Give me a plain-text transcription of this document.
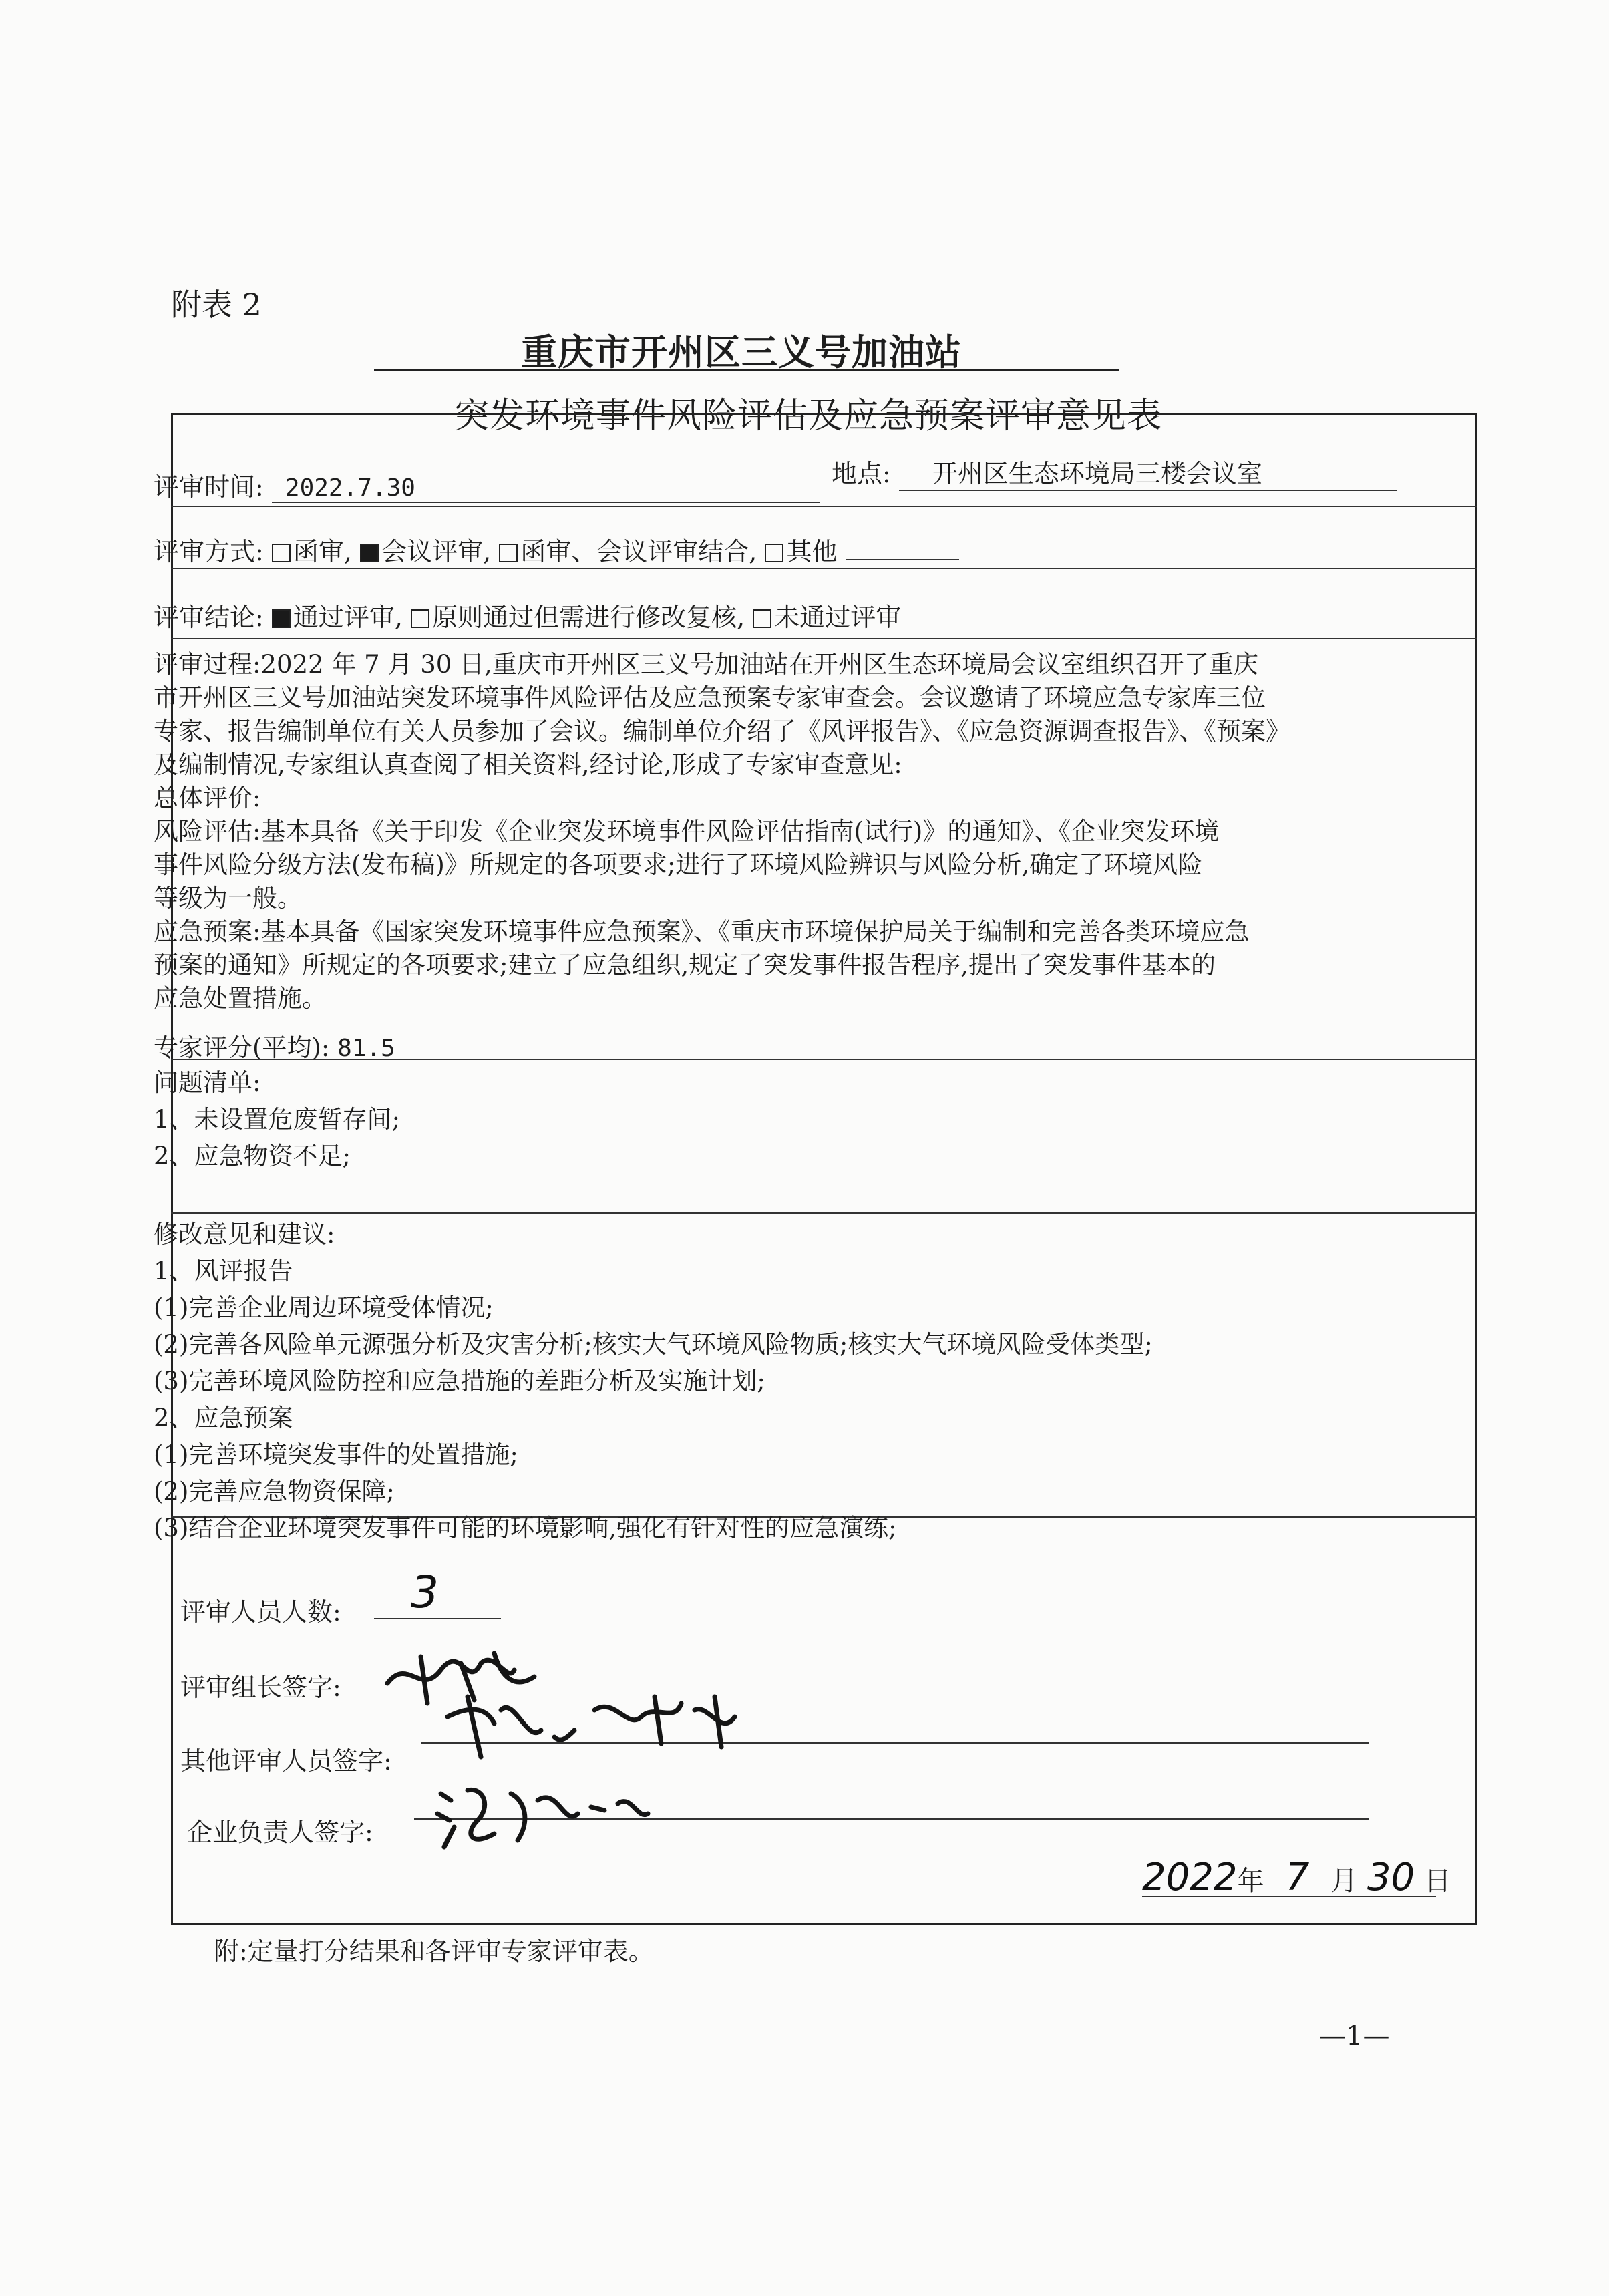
附表 2
重庆市开州区三义号加油站
突发环境事件风险评估及应急预案评审意见表
评审时间: 2022.7.30	地点: 开州区生态环境局三楼会议室
评审方式: 函审, 会议评审, 函审、会议评审结合, 其他
评审结论: 通过评审, 原则通过但需进行修改复核, 未通过评审
评审过程:2022 年 7 月 30 日,重庆市开州区三义号加油站在开州区生态环境局会议室组织召开了重庆
市开州区三义号加油站突发环境事件风险评估及应急预案专家审查会。会议邀请了环境应急专家库三位
专家、报告编制单位有关人员参加了会议。编制单位介绍了《风评报告》、《应急资源调查报告》、《预案》
及编制情况,专家组认真查阅了相关资料,经讨论,形成了专家审查意见:
总体评价:
风险评估:基本具备《关于印发《企业突发环境事件风险评估指南(试行)》的通知》、《企业突发环境
事件风险分级方法(发布稿)》所规定的各项要求;进行了环境风险辨识与风险分析,确定了环境风险
等级为一般。
应急预案:基本具备《国家突发环境事件应急预案》、《重庆市环境保护局关于编制和完善各类环境应急
预案的通知》所规定的各项要求;建立了应急组织,规定了突发事件报告程序,提出了突发事件基本的
应急处置措施。
专家评分(平均): 81.5
问题清单:
1、未设置危废暂存间;
2、应急物资不足;
修改意见和建议:
1、风评报告
(1)完善企业周边环境受体情况;
(2)完善各风险单元源强分析及灾害分析;核实大气环境风险物质;核实大气环境风险受体类型;
(3)完善环境风险防控和应急措施的差距分析及实施计划;
2、应急预案
(1)完善环境突发事件的处置措施;
(2)完善应急物资保障;
(3)结合企业环境突发事件可能的环境影响,强化有针对性的应急演练;
评审人员人数: 3
评审组长签字:
其他评审人员签字:
企业负责人签字:
2022年 7 月 30 日
附:定量打分结果和各评审专家评审表。
—1—
